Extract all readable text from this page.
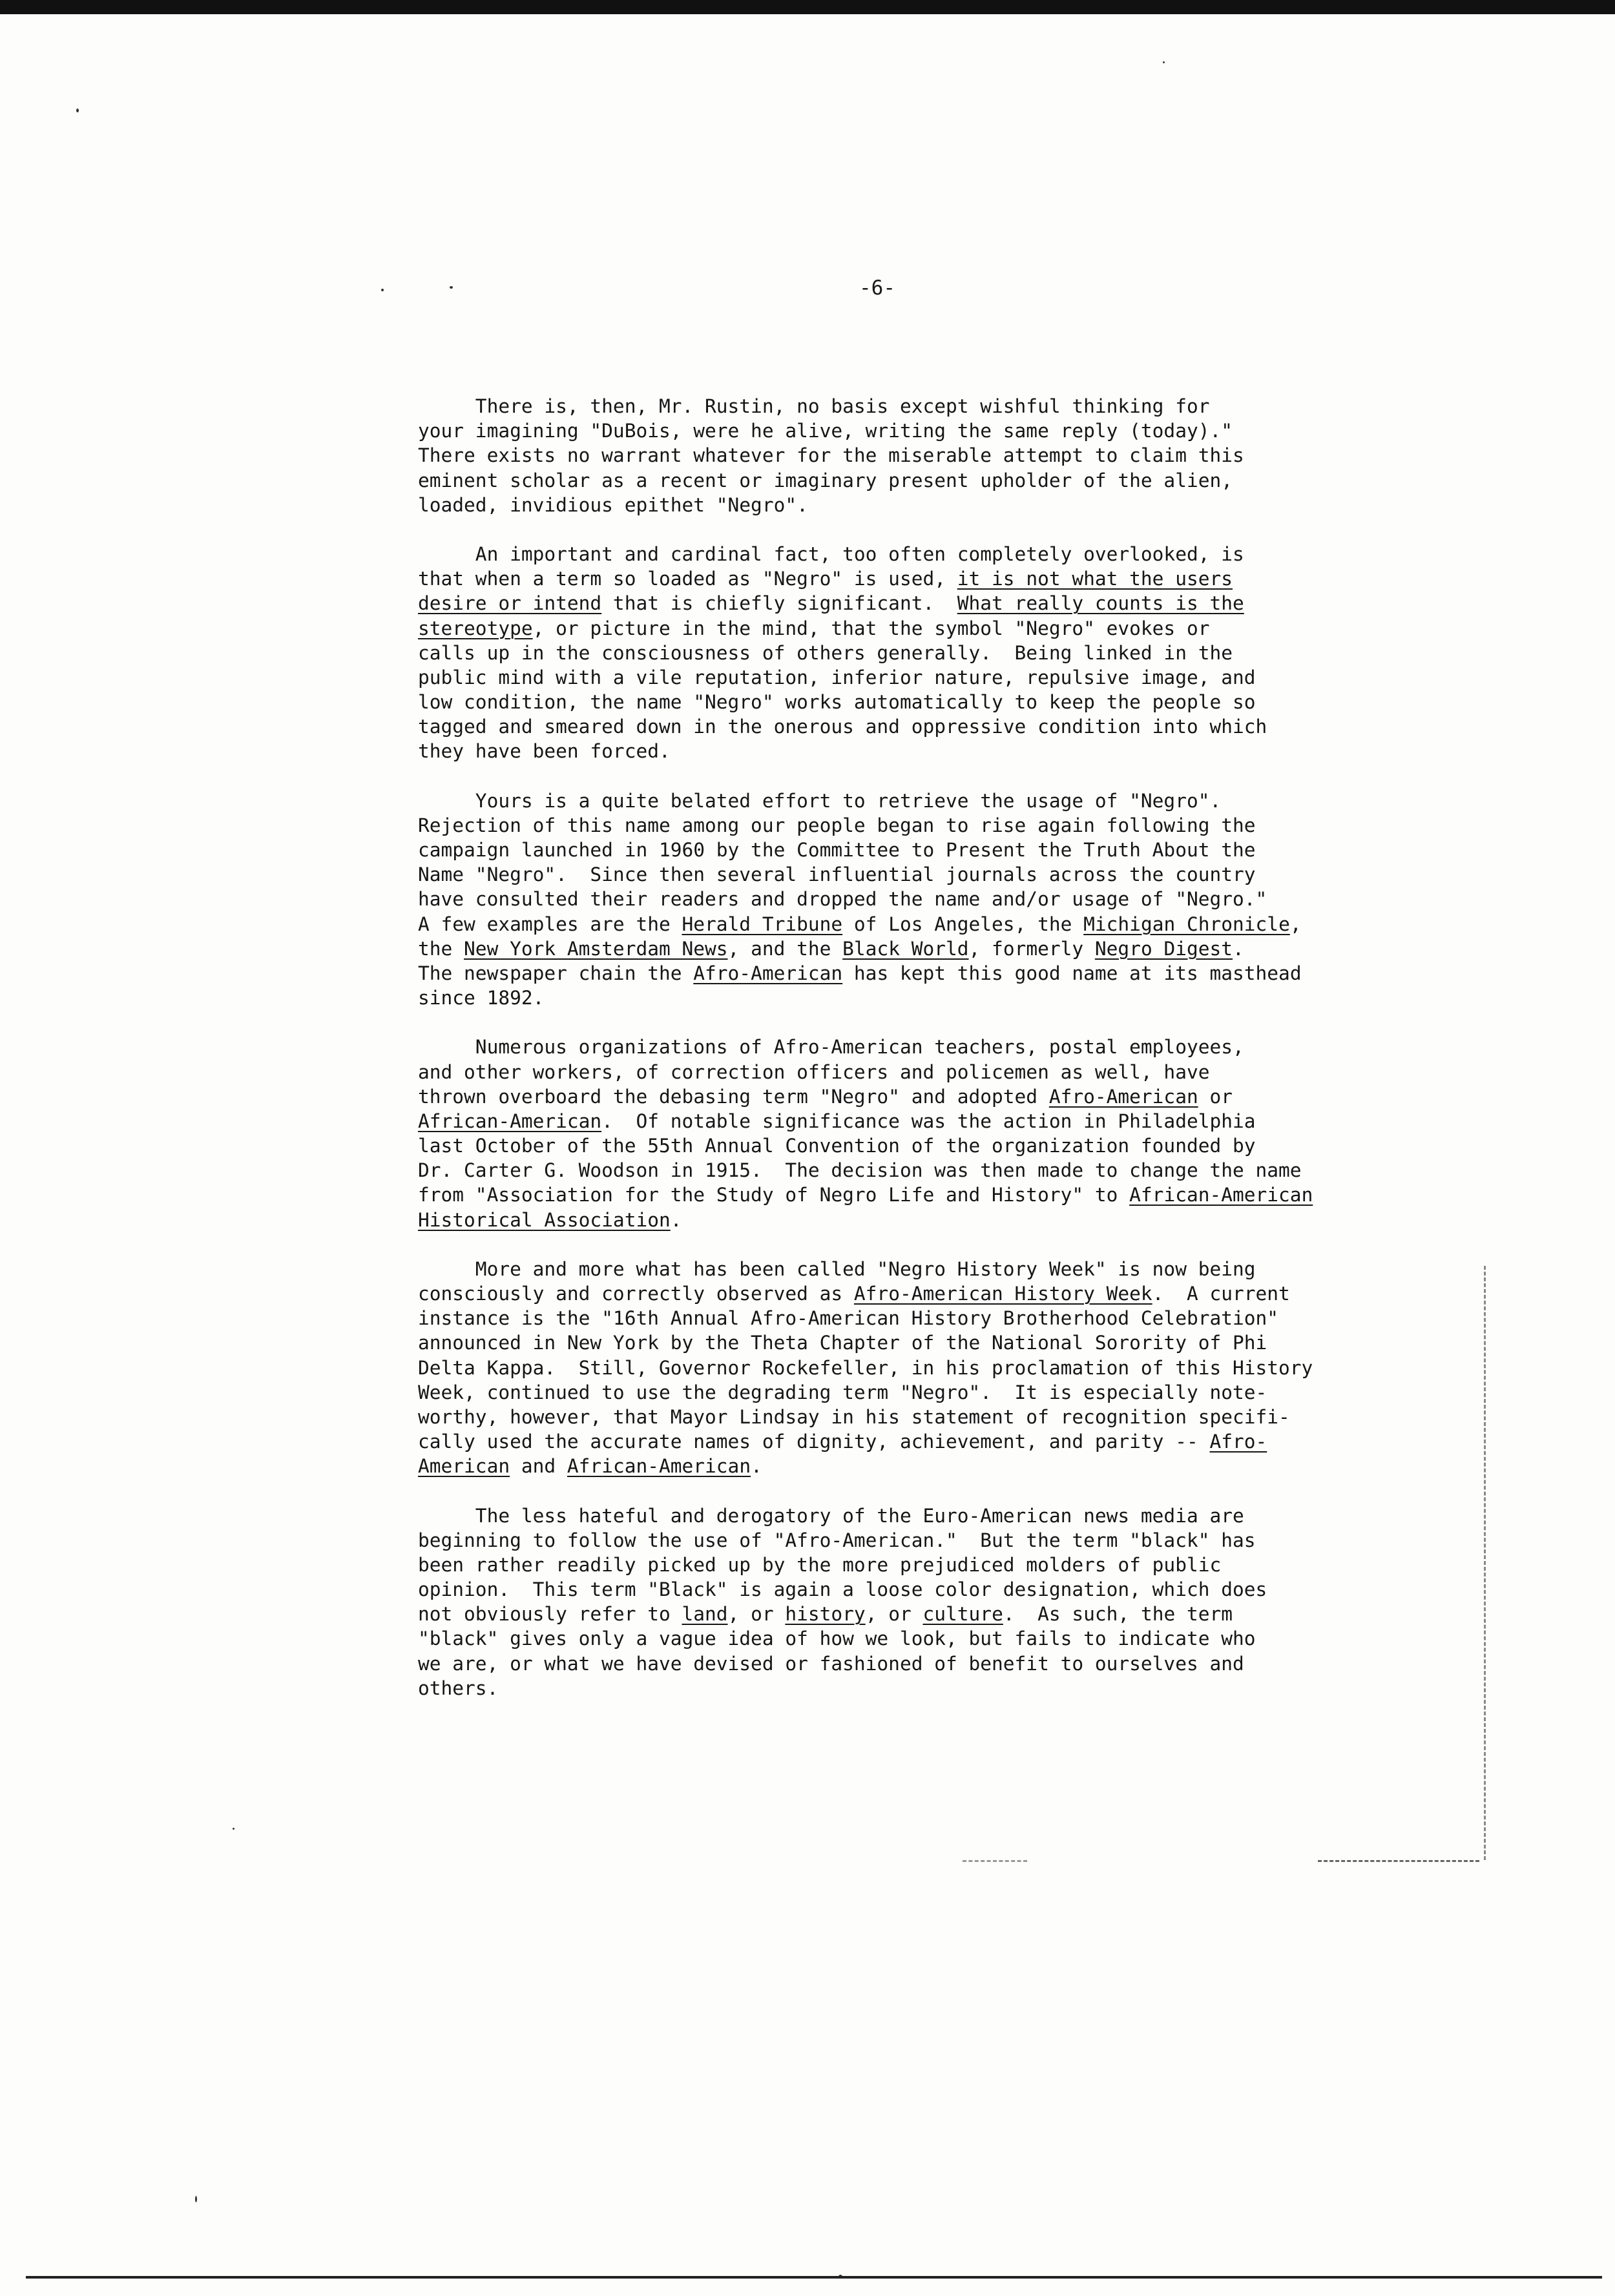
-6-
There is, then, Mr. Rustin, no basis except wishful thinking for
your imagining "DuBois, were he alive, writing the same reply (today)."
There exists no warrant whatever for the miserable attempt to claim this
eminent scholar as a recent or imaginary present upholder of the alien,
loaded, invidious epithet "Negro".
An important and cardinal fact, too often completely overlooked, is
that when a term so loaded as "Negro" is used, it is not what the users
desire or intend that is chiefly significant.  What really counts is the
stereotype, or picture in the mind, that the symbol "Negro" evokes or
calls up in the consciousness of others generally.  Being linked in the
public mind with a vile reputation, inferior nature, repulsive image, and
low condition, the name "Negro" works automatically to keep the people so
tagged and smeared down in the onerous and oppressive condition into which
they have been forced.
Yours is a quite belated effort to retrieve the usage of "Negro".
Rejection of this name among our people began to rise again following the
campaign launched in 1960 by the Committee to Present the Truth About the
Name "Negro".  Since then several influential journals across the country
have consulted their readers and dropped the name and/or usage of "Negro."
A few examples are the Herald Tribune of Los Angeles, the Michigan Chronicle,
the New York Amsterdam News, and the Black World, formerly Negro Digest.
The newspaper chain the Afro-American has kept this good name at its masthead
since 1892.
Numerous organizations of Afro-American teachers, postal employees,
and other workers, of correction officers and policemen as well, have
thrown overboard the debasing term "Negro" and adopted Afro-American or
African-American.  Of notable significance was the action in Philadelphia
last October of the 55th Annual Convention of the organization founded by
Dr. Carter G. Woodson in 1915.  The decision was then made to change the name
from "Association for the Study of Negro Life and History" to African-American
Historical Association.
More and more what has been called "Negro History Week" is now being
consciously and correctly observed as Afro-American History Week.  A current
instance is the "16th Annual Afro-American History Brotherhood Celebration"
announced in New York by the Theta Chapter of the National Sorority of Phi
Delta Kappa.  Still, Governor Rockefeller, in his proclamation of this History
Week, continued to use the degrading term "Negro".  It is especially note-
worthy, however, that Mayor Lindsay in his statement of recognition specifi-
cally used the accurate names of dignity, achievement, and parity -- Afro-
American and African-American.
The less hateful and derogatory of the Euro-American news media are
beginning to follow the use of "Afro-American."  But the term "black" has
been rather readily picked up by the more prejudiced molders of public
opinion.  This term "Black" is again a loose color designation, which does
not obviously refer to land, or history, or culture.  As such, the term
"black" gives only a vague idea of how we look, but fails to indicate who
we are, or what we have devised or fashioned of benefit to ourselves and
others.
